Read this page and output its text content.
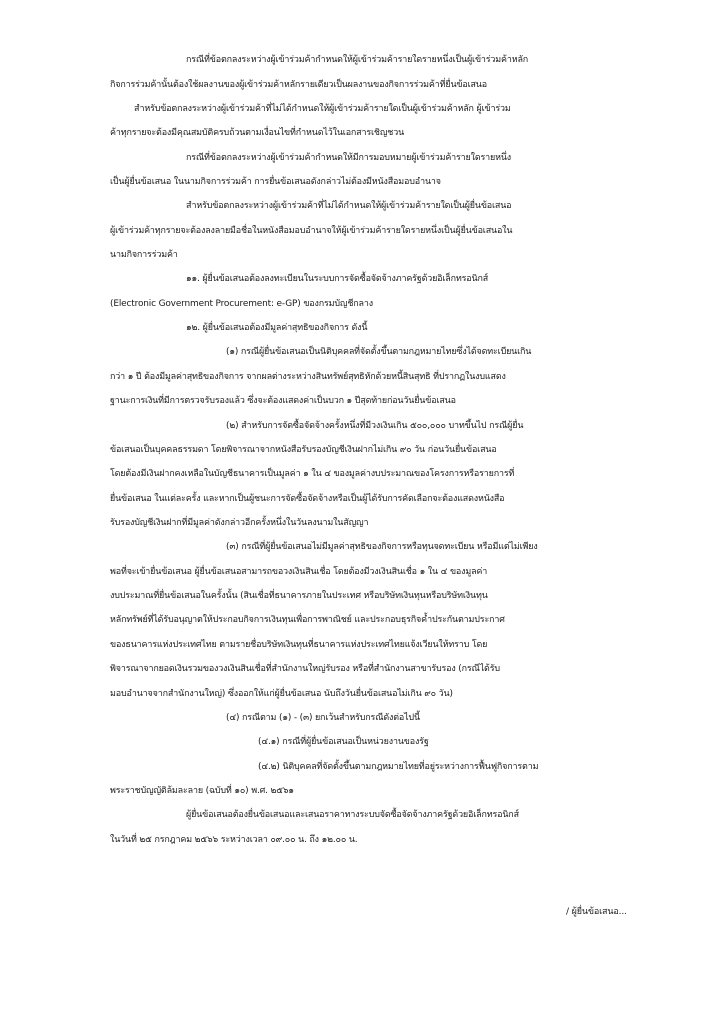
กรณีที่ข้อตกลงระหว่างผู้เข้าร่วมค้ากำหนดให้ผู้เข้าร่วมค้ารายใดรายหนึ่งเป็นผู้เข้าร่วมค้าหลัก
กิจการร่วมค้านั้นต้องใช้ผลงานของผู้เข้าร่วมค้าหลักรายเดียวเป็นผลงานของกิจการร่วมค้าที่ยื่นข้อเสนอ
สำหรับข้อตกลงระหว่างผู้เข้าร่วมค้าที่ไม่ได้กำหนดให้ผู้เข้าร่วมค้ารายใดเป็นผู้เข้าร่วมค้าหลัก ผู้เข้าร่วม
ค้าทุกรายจะต้องมีคุณสมบัติครบถ้วนตามเงื่อนไขที่กำหนดไว้ในเอกสารเชิญชวน
กรณีที่ข้อตกลงระหว่างผู้เข้าร่วมค้ากำหนดให้มีการมอบหมายผู้เข้าร่วมค้ารายใดรายหนึ่ง
เป็นผู้ยื่นข้อเสนอ ในนามกิจการร่วมค้า การยื่นข้อเสนอดังกล่าวไม่ต้องมีหนังสือมอบอำนาจ
สำหรับข้อตกลงระหว่างผู้เข้าร่วมค้าที่ไม่ได้กำหนดให้ผู้เข้าร่วมค้ารายใดเป็นผู้ยื่นข้อเสนอ
ผู้เข้าร่วมค้าทุกรายจะต้องลงลายมือชื่อในหนังสือมอบอำนาจให้ผู้เข้าร่วมค้ารายใดรายหนึ่งเป็นผู้ยื่นข้อเสนอใน
นามกิจการร่วมค้า
๑๑. ผู้ยื่นข้อเสนอต้องลงทะเบียนในระบบการจัดซื้อจัดจ้างภาครัฐด้วยอิเล็กทรอนิกส์
(Electronic Government Procurement: e-GP) ของกรมบัญชีกลาง
๑๒. ผู้ยื่นข้อเสนอต้องมีมูลค่าสุทธิของกิจการ ดังนี้
(๑) กรณีผู้ยื่นข้อเสนอเป็นนิติบุคคลที่จัดตั้งขึ้นตามกฎหมายไทยซึ่งได้จดทะเบียนเกิน
กว่า ๑ ปี ต้องมีมูลค่าสุทธิของกิจการ จากผลต่างระหว่างสินทรัพย์สุทธิหักด้วยหนี้สินสุทธิ ที่ปรากฏในงบแสดง
ฐานะการเงินที่มีการตรวจรับรองแล้ว ซึ่งจะต้องแสดงค่าเป็นบวก ๑ ปีสุดท้ายก่อนวันยื่นข้อเสนอ
(๒) สำหรับการจัดซื้อจัดจ้างครั้งหนึ่งที่มีวงเงินเกิน ๕๐๐,๐๐๐ บาทขึ้นไป กรณีผู้ยื่น
ข้อเสนอเป็นบุคคลธรรมดา โดยพิจารณาจากหนังสือรับรองบัญชีเงินฝากไม่เกิน ๙๐ วัน ก่อนวันยื่นข้อเสนอ
โดยต้องมีเงินฝากคงเหลือในบัญชีธนาคารเป็นมูลค่า ๑ ใน ๔ ของมูลค่างบประมาณของโครงการหรือรายการที่
ยื่นข้อเสนอ ในแต่ละครั้ง และหากเป็นผู้ชนะการจัดซื้อจัดจ้างหรือเป็นผู้ได้รับการคัดเลือกจะต้องแสดงหนังสือ
รับรองบัญชีเงินฝากที่มีมูลค่าดังกล่าวอีกครั้งหนึ่งในวันลงนามในสัญญา
(๓) กรณีที่ผู้ยื่นข้อเสนอไม่มีมูลค่าสุทธิของกิจการหรือทุนจดทะเบียน หรือมีแต่ไม่เพียง
พอที่จะเข้ายื่นข้อเสนอ ผู้ยื่นข้อเสนอสามารถขอวงเงินสินเชื่อ โดยต้องมีวงเงินสินเชื่อ ๑ ใน ๔ ของมูลค่า
งบประมาณที่ยื่นข้อเสนอในครั้งนั้น (สินเชื่อที่ธนาคารภายในประเทศ หรือบริษัทเงินทุนหรือบริษัทเงินทุน
หลักทรัพย์ที่ได้รับอนุญาตให้ประกอบกิจการเงินทุนเพื่อการพาณิชย์ และประกอบธุรกิจค้ำประกันตามประกาศ
ของธนาคารแห่งประเทศไทย ตามรายชื่อบริษัทเงินทุนที่ธนาคารแห่งประเทศไทยแจ้งเวียนให้ทราบ โดย
พิจารณาจากยอดเงินรวมของวงเงินสินเชื่อที่สำนักงานใหญ่รับรอง หรือที่สำนักงานสาขารับรอง (กรณีได้รับ
มอบอำนาจจากสำนักงานใหญ่) ซึ่งออกให้แก่ผู้ยื่นข้อเสนอ นับถึงวันยื่นข้อเสนอไม่เกิน ๙๐ วัน)
(๔) กรณีตาม (๑) - (๓) ยกเว้นสำหรับกรณีดังต่อไปนี้
(๔.๑) กรณีที่ผู้ยื่นข้อเสนอเป็นหน่วยงานของรัฐ
(๔.๒) นิติบุคคลที่จัดตั้งขึ้นตามกฎหมายไทยที่อยู่ระหว่างการฟื้นฟูกิจการตาม
พระราชบัญญัติล้มละลาย (ฉบับที่ ๑๐) พ.ศ. ๒๕๖๑
ผู้ยื่นข้อเสนอต้องยื่นข้อเสนอและเสนอราคาทางระบบจัดซื้อจัดจ้างภาครัฐด้วยอิเล็กทรอนิกส์
ในวันที่ ๒๕ กรกฎาคม ๒๕๖๖ ระหว่างเวลา ๐๙.๐๐ น. ถึง ๑๒.๐๐ น.
/ ผู้ยื่นข้อเสนอ...
